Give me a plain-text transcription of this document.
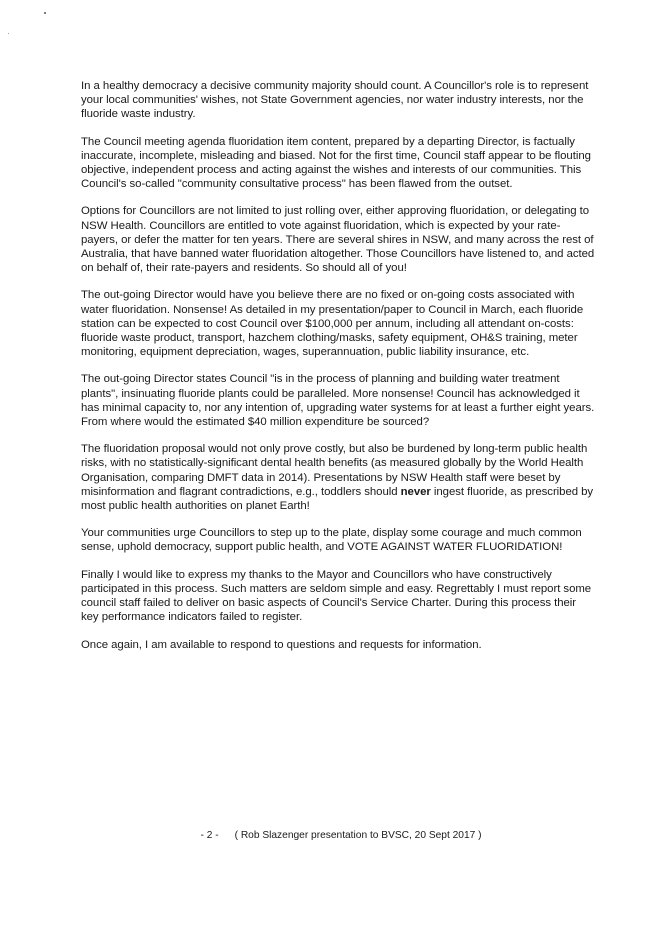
In a healthy democracy a decisive community majority should count. A Councillor's role is to represent your local communities' wishes, not State Government agencies, nor water industry interests, nor the fluoride waste industry.

The Council meeting agenda fluoridation item content, prepared by a departing Director, is factually inaccurate, incomplete, misleading and biased. Not for the first time, Council staff appear to be flouting objective, independent process and acting against the wishes and interests of our communities. This Council's so-called "community consultative process" has been flawed from the outset.

Options for Councillors are not limited to just rolling over, either approving fluoridation, or delegating to NSW Health. Councillors are entitled to vote against fluoridation, which is expected by your rate-payers, or defer the matter for ten years. There are several shires in NSW, and many across the rest of Australia, that have banned water fluoridation altogether. Those Councillors have listened to, and acted on behalf of, their rate-payers and residents. So should all of you!

The out-going Director would have you believe there are no fixed or on-going costs associated with water fluoridation. Nonsense! As detailed in my presentation/paper to Council in March, each fluoride station can be expected to cost Council over $100,000 per annum, including all attendant on-costs: fluoride waste product, transport, hazchem clothing/masks, safety equipment, OH&S training, meter monitoring, equipment depreciation, wages, superannuation, public liability insurance, etc.

The out-going Director states Council "is in the process of planning and building water treatment plants", insinuating fluoride plants could be paralleled. More nonsense! Council has acknowledged it has minimal capacity to, nor any intention of, upgrading water systems for at least a further eight years. From where would the estimated $40 million expenditure be sourced?

The fluoridation proposal would not only prove costly, but also be burdened by long-term public health risks, with no statistically-significant dental health benefits (as measured globally by the World Health Organisation, comparing DMFT data in 2014). Presentations by NSW Health staff were beset by misinformation and flagrant contradictions, e.g., toddlers should never ingest fluoride, as prescribed by most public health authorities on planet Earth!

Your communities urge Councillors to step up to the plate, display some courage and much common sense, uphold democracy, support public health, and VOTE AGAINST WATER FLUORIDATION!

Finally I would like to express my thanks to the Mayor and Councillors who have constructively participated in this process. Such matters are seldom simple and easy. Regrettably I must report some council staff failed to deliver on basic aspects of Council's Service Charter. During this process their key performance indicators failed to register.

Once again, I am available to respond to questions and requests for information.

- 2 - ( Rob Slazenger presentation to BVSC, 20 Sept 2017 )
